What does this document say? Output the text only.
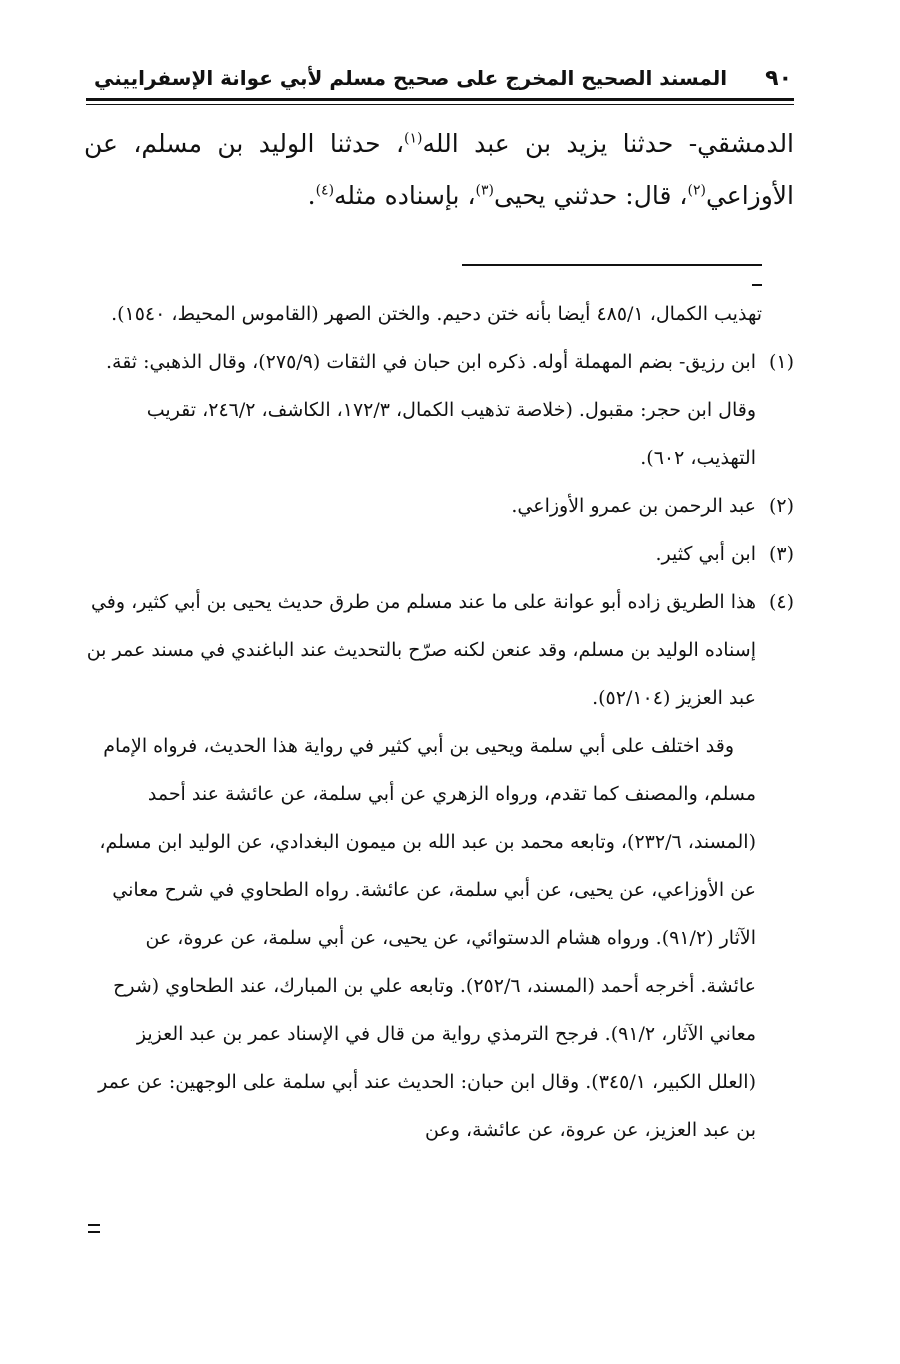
٩٠
المسند الصحيح المخرج على صحيح مسلم لأبي عوانة الإسفراييني

الدمشقي- حدثنا يزيد بن عبد الله$^{(١)}$، حدثنا الوليد بن مسلم، عن الأوزاعي$^{(٢)}$، قال: حدثني يحيى$^{(٣)}$، بإسناده مثله$^{(٤)}$.

تهذيب الكمال، ٤٨٥/١ أيضا بأنه ختن دحيم. والختن الصهر (القاموس المحيط، ١٥٤٠).

(١)
ابن رزيق- بضم المهملة أوله. ذكره ابن حبان في الثقات (٢٧٥/٩)، وقال الذهبي: ثقة. وقال ابن حجر: مقبول. (خلاصة تذهيب الكمال، ١٧٢/٣، الكاشف، ٢٤٦/٢، تقريب التهذيب، ٦٠٢).
(٢)
عبد الرحمن بن عمرو الأوزاعي.
(٣)
ابن أبي كثير.
(٤)
هذا الطريق زاده أبو عوانة على ما عند مسلم من طرق حديث يحيى بن أبي كثير، وفي إسناده الوليد بن مسلم، وقد عنعن لكنه صرّح بالتحديث عند الباغندي في مسند عمر بن عبد العزيز (٥٢/١٠٤).

وقد اختلف على أبي سلمة ويحيى بن أبي كثير في رواية هذا الحديث، فرواه الإمام مسلم، والمصنف كما تقدم، ورواه الزهري عن أبي سلمة، عن عائشة عند أحمد (المسند، ٢٣٢/٦)، وتابعه محمد بن عبد الله بن ميمون البغدادي، عن الوليد ابن مسلم، عن الأوزاعي، عن يحيى، عن أبي سلمة، عن عائشة. رواه الطحاوي في شرح معاني الآثار (٩١/٢). ورواه هشام الدستوائي، عن يحيى، عن أبي سلمة، عن عروة، عن عائشة. أخرجه أحمد (المسند، ٢٥٢/٦). وتابعه علي بن المبارك، عند الطحاوي (شرح معاني الآثار، ٩١/٢). فرجح الترمذي رواية من قال في الإسناد عمر بن عبد العزيز (العلل الكبير، ٣٤٥/١). وقال ابن حبان: الحديث عند أبي سلمة على الوجهين: عن عمر بن عبد العزيز، عن عروة، عن عائشة، وعن
